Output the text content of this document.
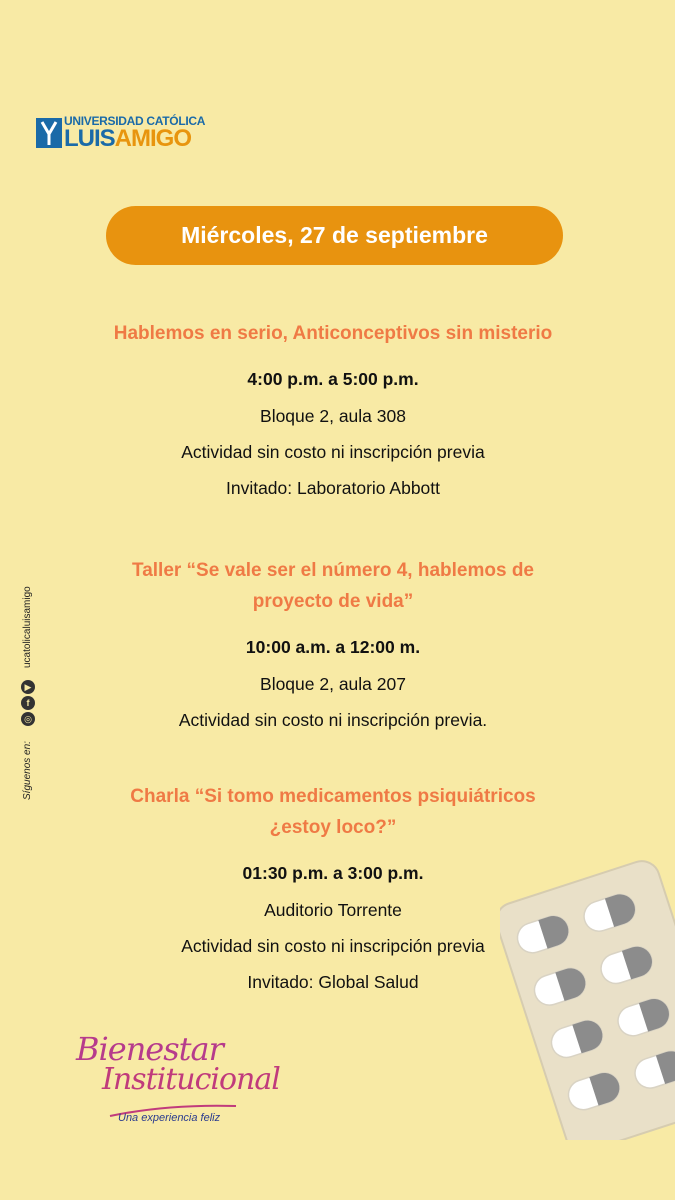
UNIVERSIDAD CATÓLICA
LUISAMIGO
Miércoles, 27 de septiembre
Hablemos en serio, Anticonceptivos sin misterio
4:00 p.m. a 5:00 p.m.
Bloque 2, aula 308
Actividad sin costo ni inscripción previa
Invitado: Laboratorio Abbott
Taller “Se vale ser el número 4, hablemos de proyecto de vida”
10:00 a.m. a 12:00 m.
Bloque 2, aula 207
Actividad sin costo ni inscripción previa.
Charla “Si tomo medicamentos psiquiátricos ¿estoy loco?”
01:30 p.m. a 3:00 p.m.
Auditorio Torrente
Actividad sin costo ni inscripción previa
Invitado: Global Salud
ucatolicaluisamigo
▶
f
◎
Síguenos en:
Bienestar
Institucional
Una experiencia feliz
